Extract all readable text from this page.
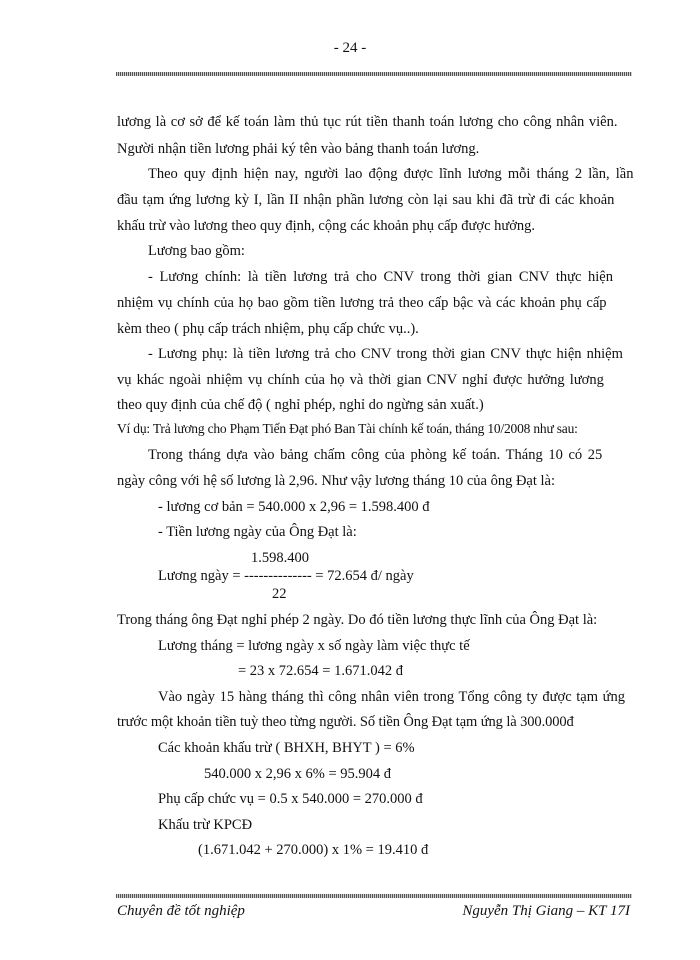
- 24 -
lương là cơ sở để kế toán làm thủ tục rút tiền thanh toán lương cho công nhân viên.
Người nhận tiền lương phải ký tên vào bảng thanh toán lương.
Theo quy định hiện nay, người lao động được lĩnh lương mỗi tháng 2 lần, lần
đầu tạm ứng lương kỳ I, lần II nhận phần lương còn lại sau khi đã trừ đi các khoản
khấu trừ vào lương theo quy định, cộng các khoản phụ cấp được hưởng.
Lương bao gồm:
- Lương chính: là tiền lương trả cho CNV trong thời gian CNV thực hiện
nhiệm vụ chính của họ bao gồm tiền lương trả theo cấp bậc và các khoản phụ cấp
kèm theo ( phụ cấp trách nhiệm, phụ cấp chức vụ..).
- Lương phụ: là tiền lương trả cho CNV trong thời gian CNV thực hiện nhiệm
vụ khác ngoài nhiệm vụ chính của họ và thời gian CNV nghỉ được hưởng lương
theo quy định của chế độ ( nghỉ phép, nghỉ do ngừng sản xuất.)
Ví dụ: Trả lương cho Phạm Tiến Đạt phó Ban Tài chính kế toán, tháng 10/2008 như sau:
Trong tháng dựa vào bảng chấm công của phòng kế toán. Tháng 10 có 25
ngày công với hệ số lương là 2,96. Như vậy lương tháng 10 của ông Đạt là:
- lương cơ bản = 540.000 x 2,96 = 1.598.400 đ
- Tiền lương ngày của Ông Đạt là:
1.598.400
Lương ngày = -------------- = 72.654 đ/ ngày
22
Trong tháng ông Đạt nghỉ phép 2 ngày. Do đó tiền lương thực lĩnh của Ông Đạt là:
Lương tháng = lương ngày x số ngày làm việc thực tế
= 23 x 72.654 = 1.671.042 đ
Vào ngày 15 hàng tháng thì công nhân viên trong Tổng công ty được tạm ứng
trước một khoản tiền tuỳ theo từng người. Số tiền Ông Đạt tạm ứng là 300.000đ
Các khoản khấu trừ ( BHXH, BHYT ) = 6%
540.000 x 2,96 x 6% = 95.904 đ
Phụ cấp chức vụ = 0.5 x 540.000 = 270.000 đ
Khấu trừ KPCĐ
(1.671.042 + 270.000) x 1% = 19.410 đ
Chuyên đề tốt nghiệp	Nguyễn Thị Giang – KT 17I
